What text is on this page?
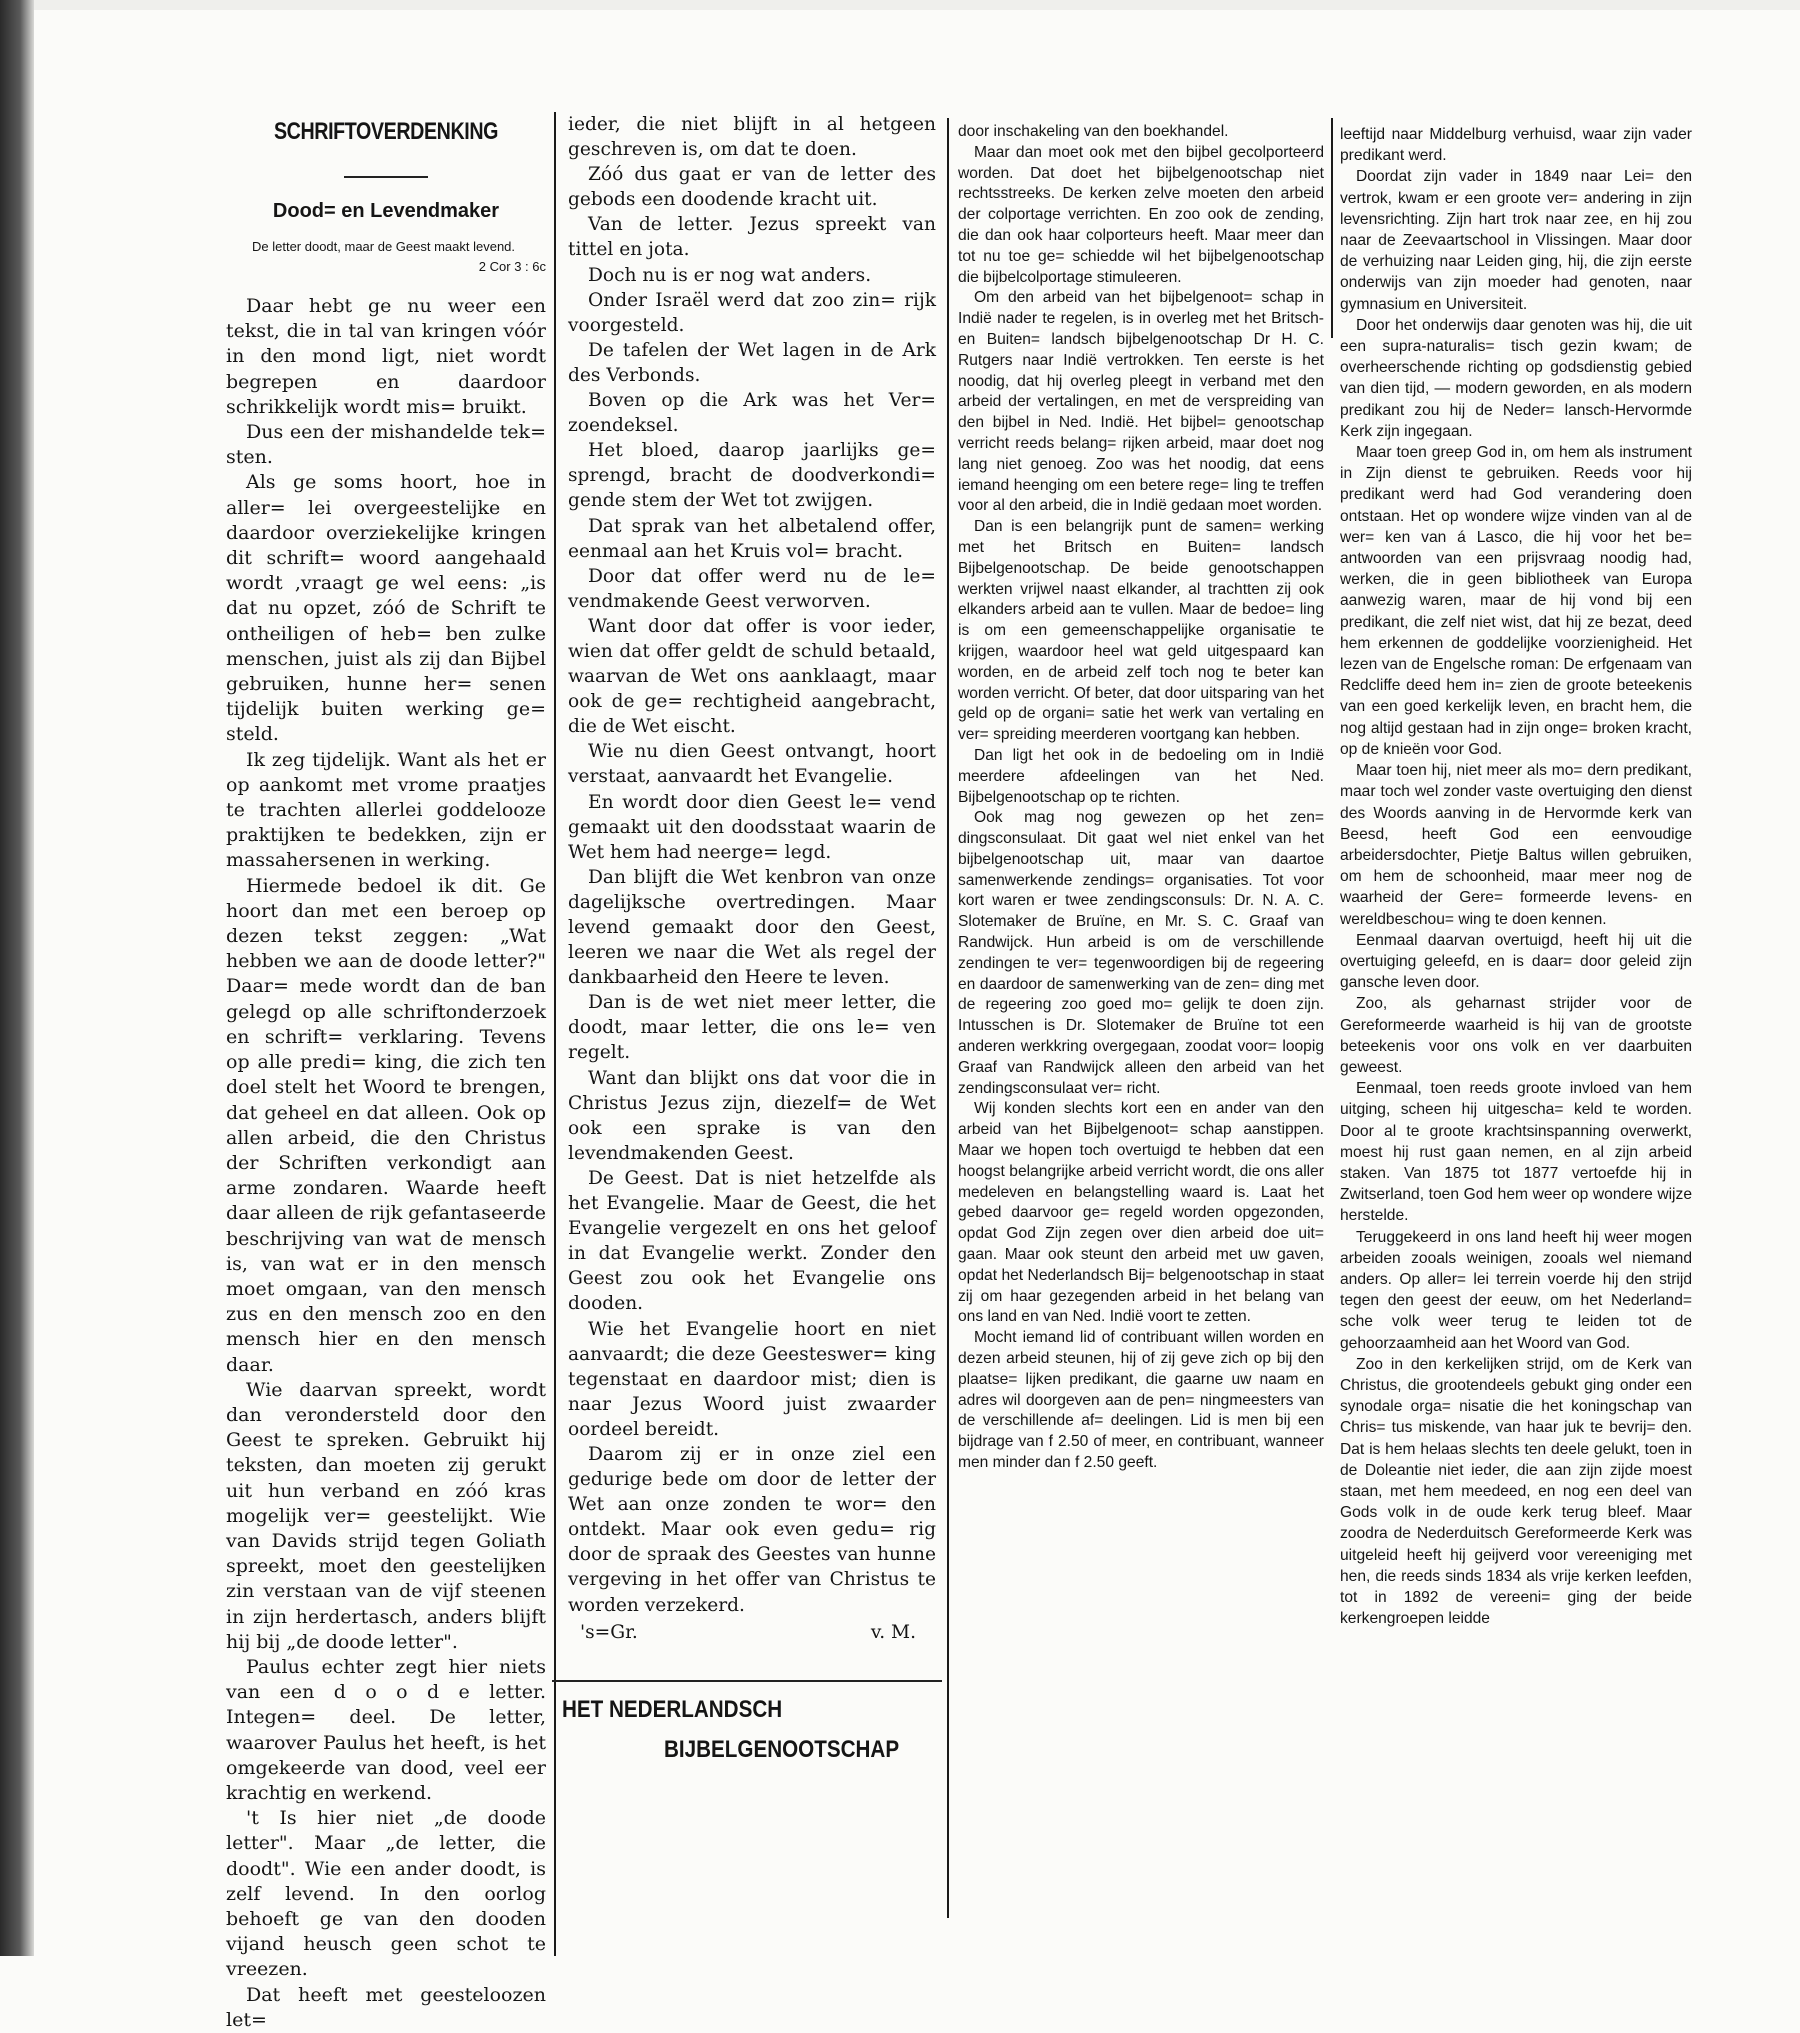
SCHRIFTOVERDENKING
Dood= en Levendmaker
De letter doodt, maar de Geest maakt levend.
2 Cor 3 : 6c

Daar hebt ge nu weer een tekst, die in tal van kringen vóór in den mond ligt, niet wordt begrepen en daardoor schrikkelijk wordt mis= bruikt.

Dus een der mishandelde tek= sten.

Als ge soms hoort, hoe in aller= lei overgeestelijke en daardoor overziekelijke kringen dit schrift= woord aangehaald wordt ,vraagt ge wel eens: „is dat nu opzet, zóó de Schrift te ontheiligen of heb= ben zulke menschen, juist als zij dan Bijbel gebruiken, hunne her= senen tijdelijk buiten werking ge= steld.

Ik zeg tijdelijk. Want als het er op aankomt met vrome praatjes te trachten allerlei goddelooze praktijken te bedekken, zijn er massahersenen in werking.

Hiermede bedoel ik dit. Ge hoort dan met een beroep op dezen tekst zeggen: „Wat hebben we aan de doode letter?" Daar= mede wordt dan de ban gelegd op alle schriftonderzoek en schrift= verklaring. Tevens op alle predi= king, die zich ten doel stelt het Woord te brengen, dat geheel en dat alleen. Ook op allen arbeid, die den Christus der Schriften verkondigt aan arme zondaren. Waarde heeft daar alleen de rijk gefantaseerde beschrijving van wat de mensch is, van wat er in den mensch moet omgaan, van den mensch zus en den mensch zoo en den mensch hier en den mensch daar.

Wie daarvan spreekt, wordt dan verondersteld door den Geest te spreken. Gebruikt hij teksten, dan moeten zij gerukt uit hun verband en zóó kras mogelijk ver= geestelijkt. Wie van Davids strijd tegen Goliath spreekt, moet den geestelijken zin verstaan van de vijf steenen in zijn herdertasch, anders blijft hij bij „de doode letter".

Paulus echter zegt hier niets van een d o o d e letter. Integen= deel. De letter, waarover Paulus het heeft, is het omgekeerde van dood, veel eer krachtig en werkend.

't Is hier niet „de doode letter". Maar „de letter, die doodt". Wie een ander doodt, is zelf levend. In den oorlog behoeft ge van den dooden vijand heusch geen schot te vreezen.

Dat heeft met geesteloozen let=

ieder, die niet blijft in al hetgeen geschreven is, om dat te doen.

Zóó dus gaat er van de letter des gebods een doodende kracht uit.

Van de letter. Jezus spreekt van tittel en jota.

Doch nu is er nog wat anders.

Onder Israël werd dat zoo zin= rijk voorgesteld.

De tafelen der Wet lagen in de Ark des Verbonds.

Boven op die Ark was het Ver= zoendeksel.

Het bloed, daarop jaarlijks ge= sprengd, bracht de doodverkondi= gende stem der Wet tot zwijgen.

Dat sprak van het albetalend offer, eenmaal aan het Kruis vol= bracht.

Door dat offer werd nu de le= vendmakende Geest verworven.

Want door dat offer is voor ieder, wien dat offer geldt de schuld betaald, waarvan de Wet ons aanklaagt, maar ook de ge= rechtigheid aangebracht, die de Wet eischt.

Wie nu dien Geest ontvangt, hoort verstaat, aanvaardt het Evangelie.

En wordt door dien Geest le= vend gemaakt uit den doodsstaat waarin de Wet hem had neerge= legd.

Dan blijft die Wet kenbron van onze dagelijksche overtredingen. Maar levend gemaakt door den Geest, leeren we naar die Wet als regel der dankbaarheid den Heere te leven.

Dan is de wet niet meer letter, die doodt, maar letter, die ons le= ven regelt.

Want dan blijkt ons dat voor die in Christus Jezus zijn, diezelf= de Wet ook een sprake is van den levendmakenden Geest.

De Geest. Dat is niet hetzelfde als het Evangelie. Maar de Geest, die het Evangelie vergezelt en ons het geloof in dat Evangelie werkt. Zonder den Geest zou ook het Evangelie ons dooden.

Wie het Evangelie hoort en niet aanvaardt; die deze Geesteswer= king tegenstaat en daardoor mist; dien is naar Jezus Woord juist zwaarder oordeel bereidt.

Daarom zij er in onze ziel een gedurige bede om door de letter der Wet aan onze zonden te wor= den ontdekt. Maar ook even gedu= rig door de spraak des Geestes van hunne vergeving in het offer van Christus te worden verzekerd.

's=Gr.	v. M.
HET NEDERLANDSCH
BIJBELGENOOTSCHAP

door inschakeling van den boekhandel.

Maar dan moet ook met den bijbel gecolporteerd worden. Dat doet het bijbelgenootschap niet rechtsstreeks. De kerken zelve moeten den arbeid der colportage verrichten. En zoo ook de zending, die dan ook haar colporteurs heeft. Maar meer dan tot nu toe ge= schiedde wil het bijbelgenootschap die bijbelcolportage stimuleeren.

Om den arbeid van het bijbelgenoot= schap in Indië nader te regelen, is in overleg met het Britsch- en Buiten= landsch bijbelgenootschap Dr H. C. Rutgers naar Indië vertrokken. Ten eerste is het noodig, dat hij overleg pleegt in verband met den arbeid der vertalingen, en met de verspreiding van den bijbel in Ned. Indië. Het bijbel= genootschap verricht reeds belang= rijken arbeid, maar doet nog lang niet genoeg. Zoo was het noodig, dat eens iemand heenging om een betere rege= ling te treffen voor al den arbeid, die in Indië gedaan moet worden.

Dan is een belangrijk punt de samen= werking met het Britsch en Buiten= landsch Bijbelgenootschap. De beide genootschappen werkten vrijwel naast elkander, al trachtten zij ook elkanders arbeid aan te vullen. Maar de bedoe= ling is om een gemeenschappelijke organisatie te krijgen, waardoor heel wat geld uitgespaard kan worden, en de arbeid zelf toch nog te beter kan worden verricht. Of beter, dat door uitsparing van het geld op de organi= satie het werk van vertaling en ver= spreiding meerderen voortgang kan hebben.

Dan ligt het ook in de bedoeling om in Indië meerdere afdeelingen van het Ned. Bijbelgenootschap op te richten.

Ook mag nog gewezen op het zen= dingsconsulaat. Dit gaat wel niet enkel van het bijbelgenootschap uit, maar van daartoe samenwerkende zendings= organisaties. Tot voor kort waren er twee zendingsconsuls: Dr. N. A. C. Slotemaker de Bruïne, en Mr. S. C. Graaf van Randwijck. Hun arbeid is om de verschillende zendingen te ver= tegenwoordigen bij de regeering en daardoor de samenwerking van de zen= ding met de regeering zoo goed mo= gelijk te doen zijn. Intusschen is Dr. Slotemaker de Bruïne tot een anderen werkkring overgegaan, zoodat voor= loopig Graaf van Randwijck alleen den arbeid van het zendingsconsulaat ver= richt.

Wij konden slechts kort een en ander van den arbeid van het Bijbelgenoot= schap aanstippen. Maar we hopen toch overtuigd te hebben dat een hoogst belangrijke arbeid verricht wordt, die ons aller medeleven en belangstelling waard is. Laat het gebed daarvoor ge= regeld worden opgezonden, opdat God Zijn zegen over dien arbeid doe uit= gaan. Maar ook steunt den arbeid met uw gaven, opdat het Nederlandsch Bij= belgenootschap in staat zij om haar gezegenden arbeid in het belang van ons land en van Ned. Indië voort te zetten.

Mocht iemand lid of contribuant willen worden en dezen arbeid steunen, hij of zij geve zich op bij den plaatse= lijken predikant, die gaarne uw naam en adres wil doorgeven aan de pen= ningmeesters van de verschillende af= deelingen. Lid is men bij een bijdrage van f 2.50 of meer, en contribuant, wanneer men minder dan f 2.50 geeft.

leeftijd naar Middelburg verhuisd, waar zijn vader predikant werd.

Doordat zijn vader in 1849 naar Lei= den vertrok, kwam er een groote ver= andering in zijn levensrichting. Zijn hart trok naar zee, en hij zou naar de Zeevaartschool in Vlissingen. Maar door de verhuizing naar Leiden ging, hij, die zijn eerste onderwijs van zijn moeder had genoten, naar gymnasium en Universiteit.

Door het onderwijs daar genoten was hij, die uit een supra-naturalis= tisch gezin kwam; de overheerschende richting op godsdienstig gebied van dien tijd, — modern geworden, en als modern predikant zou hij de Neder= lansch-Hervormde Kerk zijn ingegaan.

Maar toen greep God in, om hem als instrument in Zijn dienst te gebruiken. Reeds voor hij predikant werd had God verandering doen ontstaan. Het op wondere wijze vinden van al de wer= ken van á Lasco, die hij voor het be= antwoorden van een prijsvraag noodig had, werken, die in geen bibliotheek van Europa aanwezig waren, maar de hij vond bij een predikant, die zelf niet wist, dat hij ze bezat, deed hem erkennen de goddelijke voorzienigheid. Het lezen van de Engelsche roman: De erfgenaam van Redcliffe deed hem in= zien de groote beteekenis van een goed kerkelijk leven, en bracht hem, die nog altijd gestaan had in zijn onge= broken kracht, op de knieën voor God.

Maar toen hij, niet meer als mo= dern predikant, maar toch wel zonder vaste overtuiging den dienst des Woords aanving in de Hervormde kerk van Beesd, heeft God een eenvoudige arbeidersdochter, Pietje Baltus willen gebruiken, om hem de schoonheid, maar meer nog de waarheid der Gere= formeerde levens- en wereldbeschou= wing te doen kennen.

Eenmaal daarvan overtuigd, heeft hij uit die overtuiging geleefd, en is daar= door geleid zijn gansche leven door.

Zoo, als geharnast strijder voor de Gereformeerde waarheid is hij van de grootste beteekenis voor ons volk en ver daarbuiten geweest.

Eenmaal, toen reeds groote invloed van hem uitging, scheen hij uitgescha= keld te worden. Door al te groote krachtsinspanning overwerkt, moest hij rust gaan nemen, en al zijn arbeid staken. Van 1875 tot 1877 vertoefde hij in Zwitserland, toen God hem weer op wondere wijze herstelde.

Teruggekeerd in ons land heeft hij weer mogen arbeiden zooals weinigen, zooals wel niemand anders. Op aller= lei terrein voerde hij den strijd tegen den geest der eeuw, om het Nederland= sche volk weer terug te leiden tot de gehoorzaamheid aan het Woord van God.

Zoo in den kerkelijken strijd, om de Kerk van Christus, die grootendeels gebukt ging onder een synodale orga= nisatie die het koningschap van Chris= tus miskende, van haar juk te bevrij= den. Dat is hem helaas slechts ten deele gelukt, toen in de Doleantie niet ieder, die aan zijn zijde moest staan, met hem meedeed, en nog een deel van Gods volk in de oude kerk terug bleef. Maar zoodra de Nederduitsch Gereformeerde Kerk was uitgeleid heeft hij geijverd voor vereeniging met hen, die reeds sinds 1834 als vrije kerken leefden, tot in 1892 de vereeni= ging der beide kerkengroepen leidde
